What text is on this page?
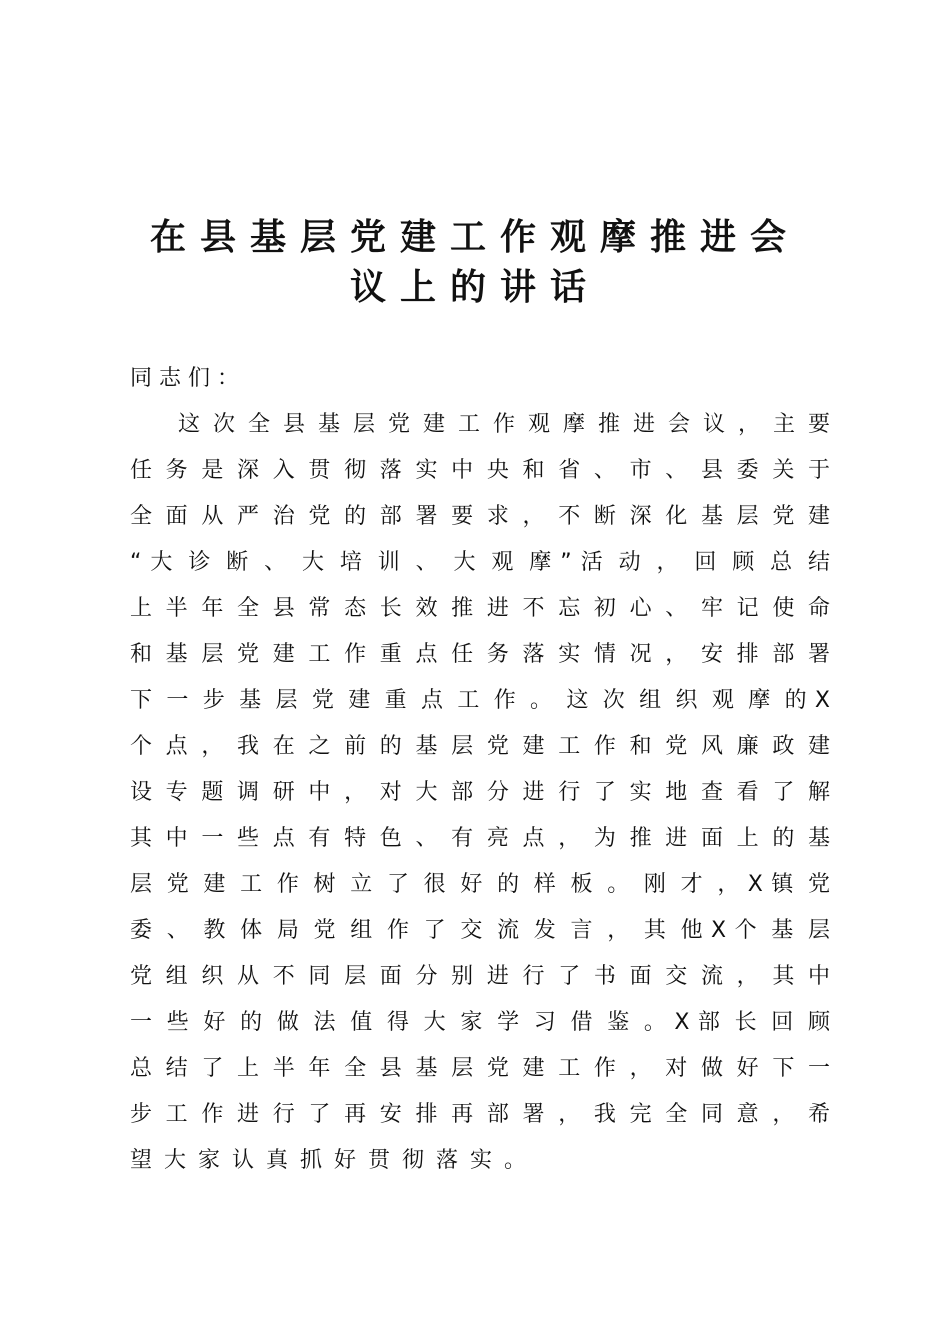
在县基层党建工作观摩推进会
议上的讲话
同志们：
这 次 全 县 基 层 党 建 工 作 观 摩 推 进 会 议 ， 主 要
任 务 是 深 入 贯 彻 落 实 中 央 和 省 、 市 、 县 委 关 于
全 面 从 严 治 党 的 部 署 要 求 ， 不 断 深 化 基 层 党 建
“ 大 诊 断 、 大 培 训 、 大 观 摩 ” 活 动 ， 回 顾 总 结
上 半 年 全 县 常 态 长 效 推 进 不 忘 初 心 、 牢 记 使 命
和 基 层 党 建 工 作 重 点 任 务 落 实 情 况 ， 安 排 部 署
下 一 步 基 层 党 建 重 点 工 作 。 这 次 组 织 观 摩 的 X
个 点 ， 我 在 之 前 的 基 层 党 建 工 作 和 党 风 廉 政 建
设 专 题 调 研 中 ， 对 大 部 分 进 行 了 实 地 查 看 了 解
其 中 一 些 点 有 特 色 、 有 亮 点 ， 为 推 进 面 上 的 基
层 党 建 工 作 树 立 了 很 好 的 样 板 。 刚 才 ， X 镇 党
委 、 教 体 局 党 组 作 了 交 流 发 言 ， 其 他 X 个 基 层
党 组 织 从 不 同 层 面 分 别 进 行 了 书 面 交 流 ， 其 中
一 些 好 的 做 法 值 得 大 家 学 习 借 鉴 。 X 部 长 回 顾
总 结 了 上 半 年 全 县 基 层 党 建 工 作 ， 对 做 好 下 一
步 工 作 进 行 了 再 安 排 再 部 署 ， 我 完 全 同 意 ， 希
望大家认真抓好贯彻落实。
